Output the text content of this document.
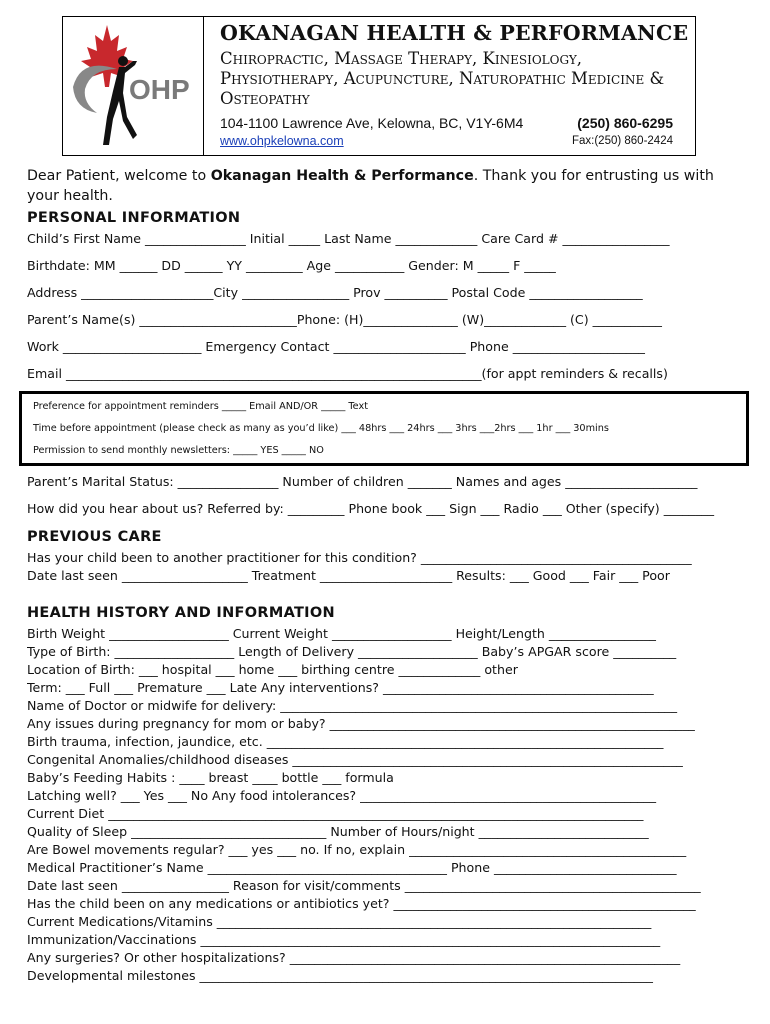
OHP
OKANAGAN HEALTH & PERFORMANCE
Chiropractic, Massage Therapy, Kinesiology, Physiotherapy, Acupuncture, Naturopathic Medicine & Osteopathy
104-1100 Lawrence Ave, Kelowna, BC, V1Y-6M4	(250) 860-6295
www.ohpkelowna.com	Fax:(250) 860-2424
Dear Patient, welcome to Okanagan Health & Performance. Thank you for entrusting us with your health.
PERSONAL INFORMATION
Child’s First Name ________________ Initial _____ Last Name _____________ Care Card # _________________
Birthdate: MM ______ DD ______ YY _________ Age ___________ Gender: M _____ F _____
Address _____________________City _________________ Prov __________ Postal Code __________________
Parent’s Name(s) _________________________Phone: (H)_______________ (W)_____________ (C) ___________
Work ______________________ Emergency Contact _____________________ Phone _____________________
Email __________________________________________________________________(for appt reminders & recalls)
Preference for appointment reminders _____ Email AND/OR _____ Text
Time before appointment (please check as many as you’d like) ___ 48hrs ___ 24hrs ___ 3hrs ___2hrs ___ 1hr ___ 30mins
Permission to send monthly newsletters: _____ YES _____ NO
Parent’s Marital Status: ________________ Number of children _______ Names and ages _____________________
How did you hear about us? Referred by: _________ Phone book ___ Sign ___ Radio ___ Other (specify) ________
PREVIOUS CARE
Has your child been to another practitioner for this condition? ___________________________________________
Date last seen ____________________ Treatment _____________________ Results: ___ Good ___ Fair ___ Poor
HEALTH HISTORY AND INFORMATION
Birth Weight ___________________ Current Weight ___________________ Height/Length _________________
Type of Birth: ___________________ Length of Delivery ___________________ Baby’s APGAR score __________
Location of Birth: ___ hospital ___ home ___ birthing centre _____________ other
Term: ___ Full ___ Premature ___ Late Any interventions? ___________________________________________
Name of Doctor or midwife for delivery: _______________________________________________________________
Any issues during pregnancy for mom or baby? __________________________________________________________
Birth trauma, infection, jaundice, etc. _______________________________________________________________
Congenital Anomalies/childhood diseases ______________________________________________________________
Baby’s Feeding Habits : ____ breast ____ bottle ___ formula
Latching well? ___ Yes ___ No Any food intolerances? _______________________________________________
Current Diet _____________________________________________________________________________________
Quality of Sleep _______________________________ Number of Hours/night ___________________________
Are Bowel movements regular? ___ yes ___ no. If no, explain ____________________________________________
Medical Practitioner’s Name ______________________________________ Phone _____________________________
Date last seen _________________ Reason for visit/comments _______________________________________________
Has the child been on any medications or antibiotics yet? ________________________________________________
Current Medications/Vitamins _____________________________________________________________________
Immunization/Vaccinations _________________________________________________________________________
Any surgeries? Or other hospitalizations? ______________________________________________________________
Developmental milestones ________________________________________________________________________
